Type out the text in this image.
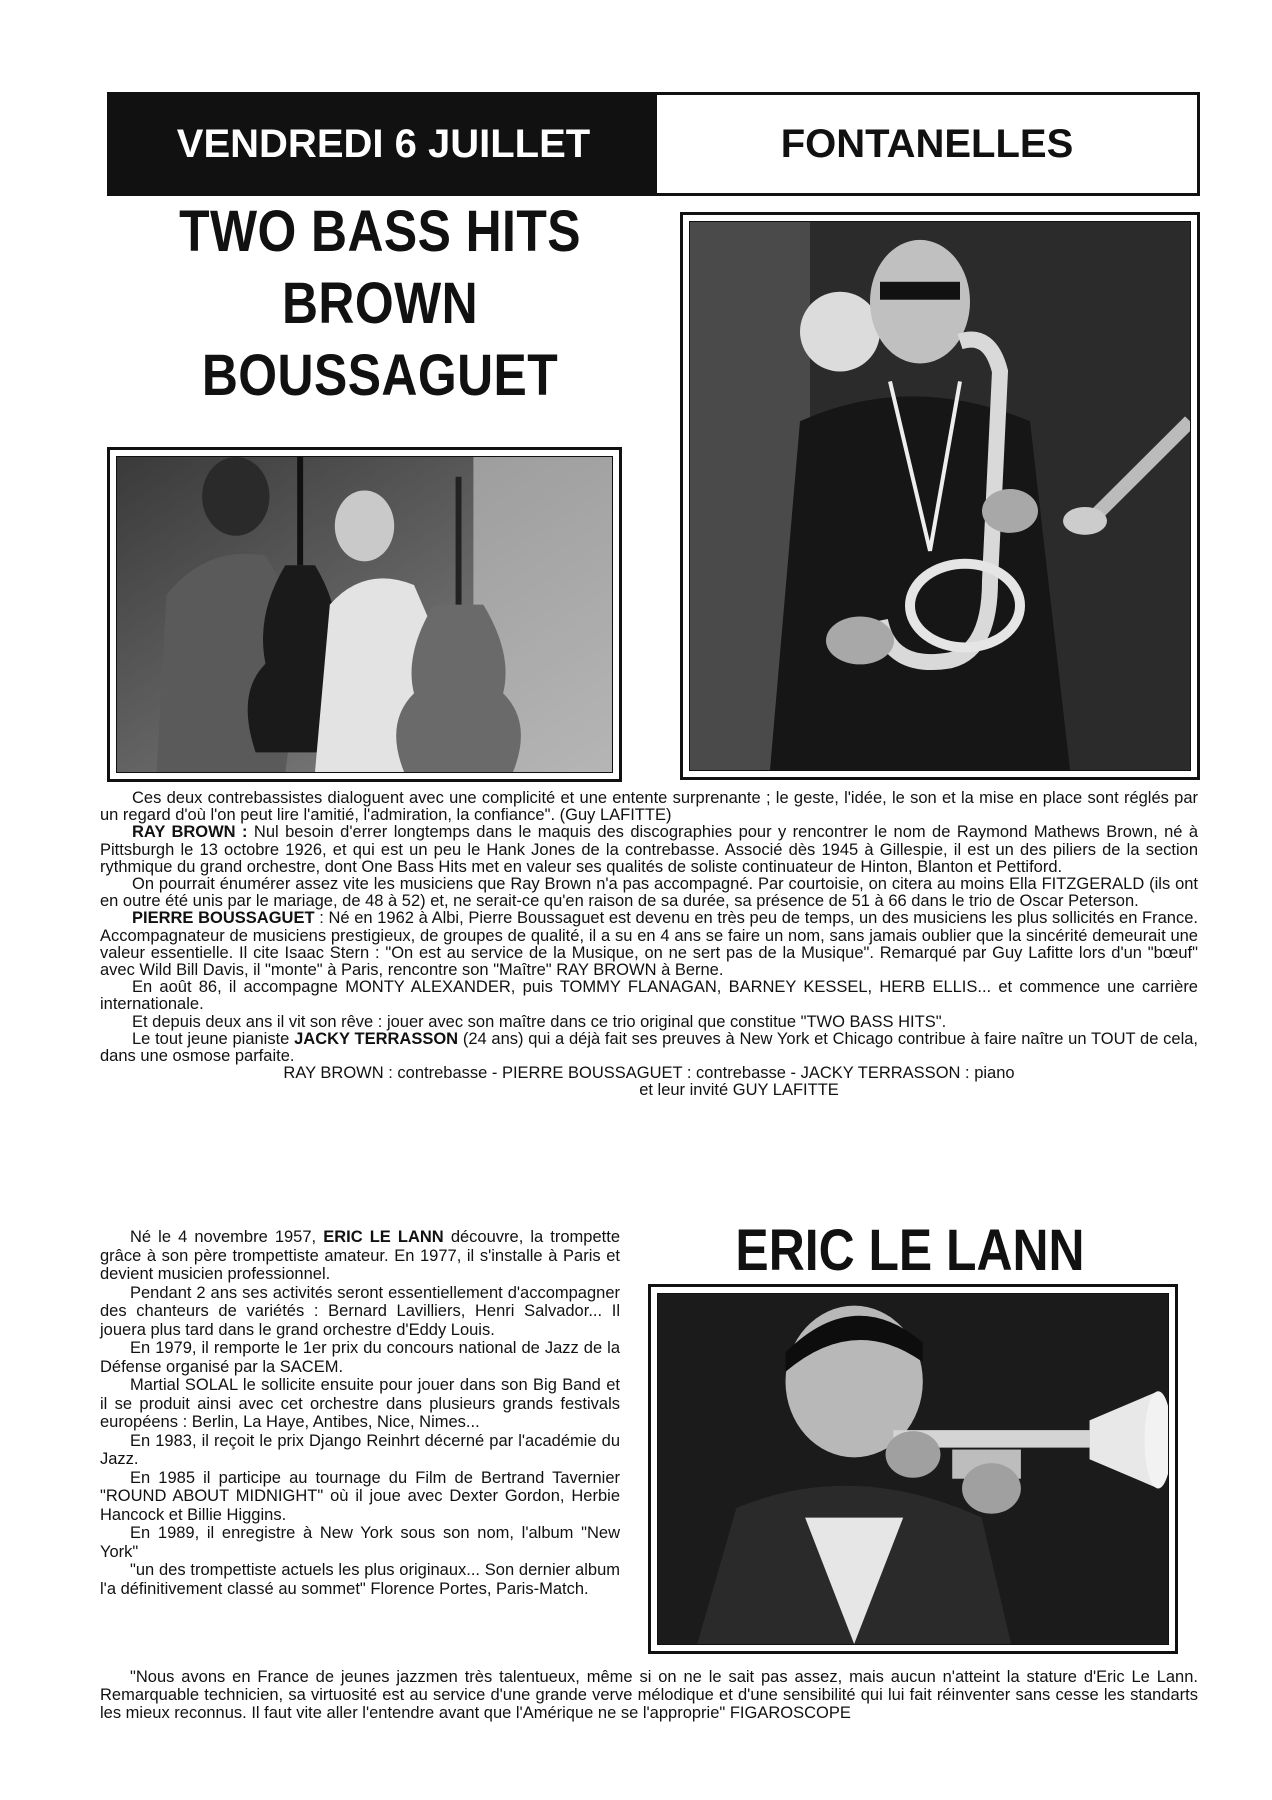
VENDREDI 6 JUILLET	FONTANELLES
TWO BASS HITS
BROWN
BOUSSAGUET

Ces deux contrebassistes dialoguent avec une complicité et une entente surprenante ; le geste, l'idée, le son et la mise en place sont réglés par un regard d'où l'on peut lire l'amitié, l'admiration, la confiance". (Guy LAFITTE)

RAY BROWN : Nul besoin d'errer longtemps dans le maquis des discographies pour y rencontrer le nom de Raymond Mathews Brown, né à Pittsburgh le 13 octobre 1926, et qui est un peu le Hank Jones de la contrebasse. Associé dès 1945 à Gillespie, il est un des piliers de la section rythmique du grand orchestre, dont One Bass Hits met en valeur ses qualités de soliste continuateur de Hinton, Blanton et Pettiford.

On pourrait énumérer assez vite les musiciens que Ray Brown n'a pas accompagné. Par courtoisie, on citera au moins Ella FITZGERALD (ils ont en outre été unis par le mariage, de 48 à 52) et, ne serait-ce qu'en raison de sa durée, sa présence de 51 à 66 dans le trio de Oscar Peterson.

PIERRE BOUSSAGUET : Né en 1962 à Albi, Pierre Boussaguet est devenu en très peu de temps, un des musiciens les plus sollicités en France. Accompagnateur de musiciens prestigieux, de groupes de qualité, il a su en 4 ans se faire un nom, sans jamais oublier que la sincérité demeurait une valeur essentielle. Il cite Isaac Stern : "On est au service de la Musique, on ne sert pas de la Musique". Remarqué par Guy Lafitte lors d'un "bœuf" avec Wild Bill Davis, il "monte" à Paris, rencontre son "Maître" RAY BROWN à Berne.

En août 86, il accompagne MONTY ALEXANDER, puis TOMMY FLANAGAN, BARNEY KESSEL, HERB ELLIS... et commence une carrière internationale.

Et depuis deux ans il vit son rêve : jouer avec son maître dans ce trio original que constitue "TWO BASS HITS".

Le tout jeune pianiste JACKY TERRASSON (24 ans) qui a déjà fait ses preuves à New York et Chicago contribue à faire naître un TOUT de cela, dans une osmose parfaite.

RAY BROWN : contrebasse - PIERRE BOUSSAGUET : contrebasse - JACKY TERRASSON : piano

et leur invité GUY LAFITTE

ERIC LE LANN

Né le 4 novembre 1957, ERIC LE LANN découvre, la trompette grâce à son père trompettiste amateur. En 1977, il s'installe à Paris et devient musicien professionnel.

Pendant 2 ans ses activités seront essentiellement d'accompagner des chanteurs de variétés : Bernard Lavilliers, Henri Salvador... Il jouera plus tard dans le grand orchestre d'Eddy Louis.

En 1979, il remporte le 1er prix du concours national de Jazz de la Défense organisé par la SACEM.

Martial SOLAL le sollicite ensuite pour jouer dans son Big Band et il se produit ainsi avec cet orchestre dans plusieurs grands festivals européens : Berlin, La Haye, Antibes, Nice, Nimes...

En 1983, il reçoit le prix Django Reinhrt décerné par l'académie du Jazz.

En 1985 il participe au tournage du Film de Bertrand Tavernier "ROUND ABOUT MIDNIGHT" où il joue avec Dexter Gordon, Herbie Hancock et Billie Higgins.

En 1989, il enregistre à New York sous son nom, l'album "New York"

"un des trompettiste actuels les plus originaux... Son dernier album l'a définitivement classé au sommet" Florence Portes, Paris-Match.

"Nous avons en France de jeunes jazzmen très talentueux, même si on ne le sait pas assez, mais aucun n'atteint la stature d'Eric Le Lann. Remarquable technicien, sa virtuosité est au service d'une grande verve mélodique et d'une sensibilité qui lui fait réinventer sans cesse les standarts les mieux reconnus. Il faut vite aller l'entendre avant que l'Amérique ne se l'approprie" FIGAROSCOPE
